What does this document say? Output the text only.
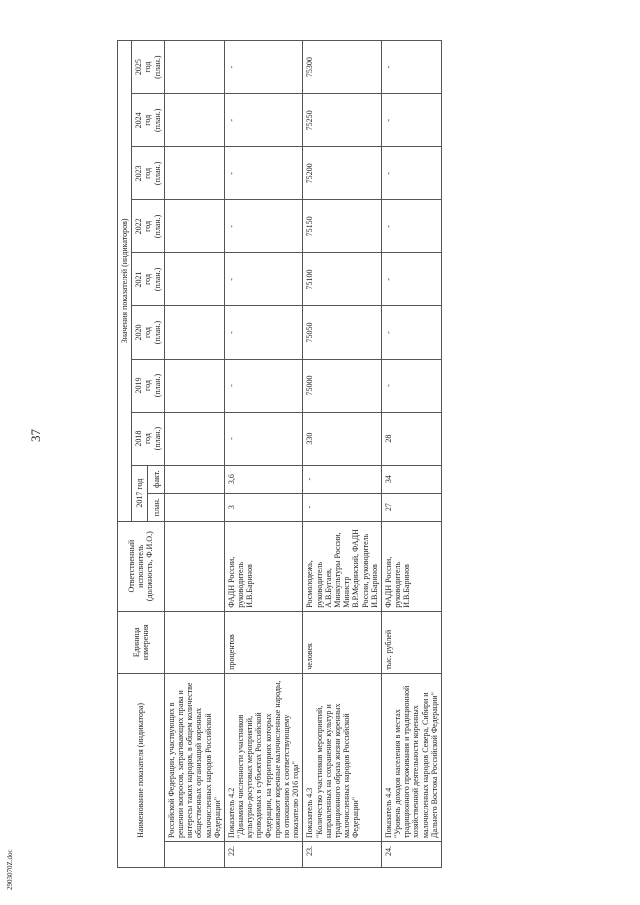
37
2903070Z.doc
Наименование показателя (индикатора)		Единица измерения	Ответственный исполнитель (должность, Ф.И.О.)	Значения показателей (индикаторов)									
				2017 год		2018 год (план.)	2019 год (план.)	2020 год (план.)	2021 год (план.)	2022 год (план.)	2023 год (план.)	2024 год (план.)	2025 год (план.)

				план.	факт.								
	Российской Федерации, участвующих в решении вопросов, затрагивающих права и интересы таких народов, в общем количестве общественных организаций коренных малочисленных народов Российской Федерации"												
22.	Показатель 4.2 "Динамика численности участников культурно-досуговых мероприятий, проводимых в субъектах Российской Федерации, на территориях которых проживают коренные малочисленные народы, по отношению к соответствующему показателю 2016 года"	процентов	ФАДН России, руководитель И.В.Баринов	3	3,6	-	-	-	-	-	-	-	-
23.	Показатель 4.3 "Количество участников мероприятий, направленных на сохранение культур и традиционного образа жизни коренных малочисленных народов Российской Федерации"	человек	Росмолодежь, руководитель А.В.Бугаев, Минкультуры России, Министр В.Р.Мединский, ФАДН России, руководитель И.В.Баринов	-	-	330	75000	75050	75100	75150	75200	75250	75300
24.	Показатель 4.4 "Уровень доходов населения в местах традиционного проживания и традиционной хозяйственной деятельности коренных малочисленных народов Севера, Сибири и Дальнего Востока Российской Федерации"	тыс. рублей	ФАДН России, руководитель И.В.Баринов	27	34	28	-	-	-	-	-	-	-
